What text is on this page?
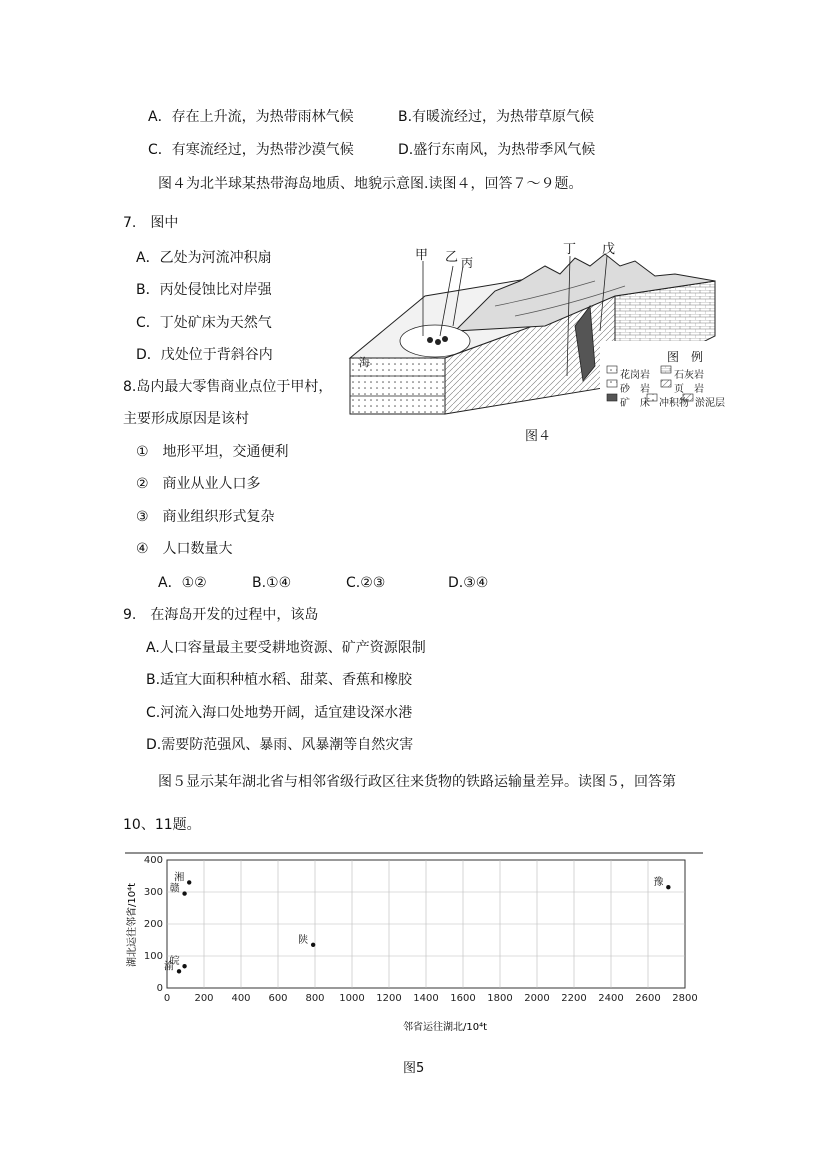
A．存在上升流，为热带雨林气候	B.有暖流经过，为热带草原气候
C．有寒流经过，为热带沙漠气候	D.盛行东南风，为热带季风气候
图４为北半球某热带海岛地质、地貌示意图.读图４，回答７～９题。
7.　图中
A．乙处为河流冲积扇
B．丙处侵蚀比对岸强
C．丁处矿床为天然气
D．戊处位于背斜谷内
8.岛内最大零售商业点位于甲村，
主要形成原因是该村
①　地形平坦，交通便利
②　商业从业人口多
③　商业组织形式复杂
④　人口数量大
A．①②	B.①④	C.②③	D.③④
9.　在海岛开发的过程中，该岛
A.人口容量最主要受耕地资源、矿产资源限制
B.适宜大面积种植水稻、甜菜、香蕉和橡胶
C.河流入海口处地势开阔，适宜建设深水港
D.需要防范强风、暴雨、风暴潮等自然灾害
图５显示某年湖北省与相邻省级行政区往来货物的铁路运输量差异。读图５，回答第
10、11题。
甲 乙 丙
丁 戊
海	图　例
花岗岩 石灰岩
砂　岩 页　岩
矿　床 冲积物 淤泥层
图４
0 200 400 600 800 1000 1200 1400 1600 1800 2000 2200 2400 2600 2800
0
100
200
300
400
湘
赣
陕
皖
渝
豫
邻省运往湖北/10⁴t
湖北运往邻省/10⁴t
图5
